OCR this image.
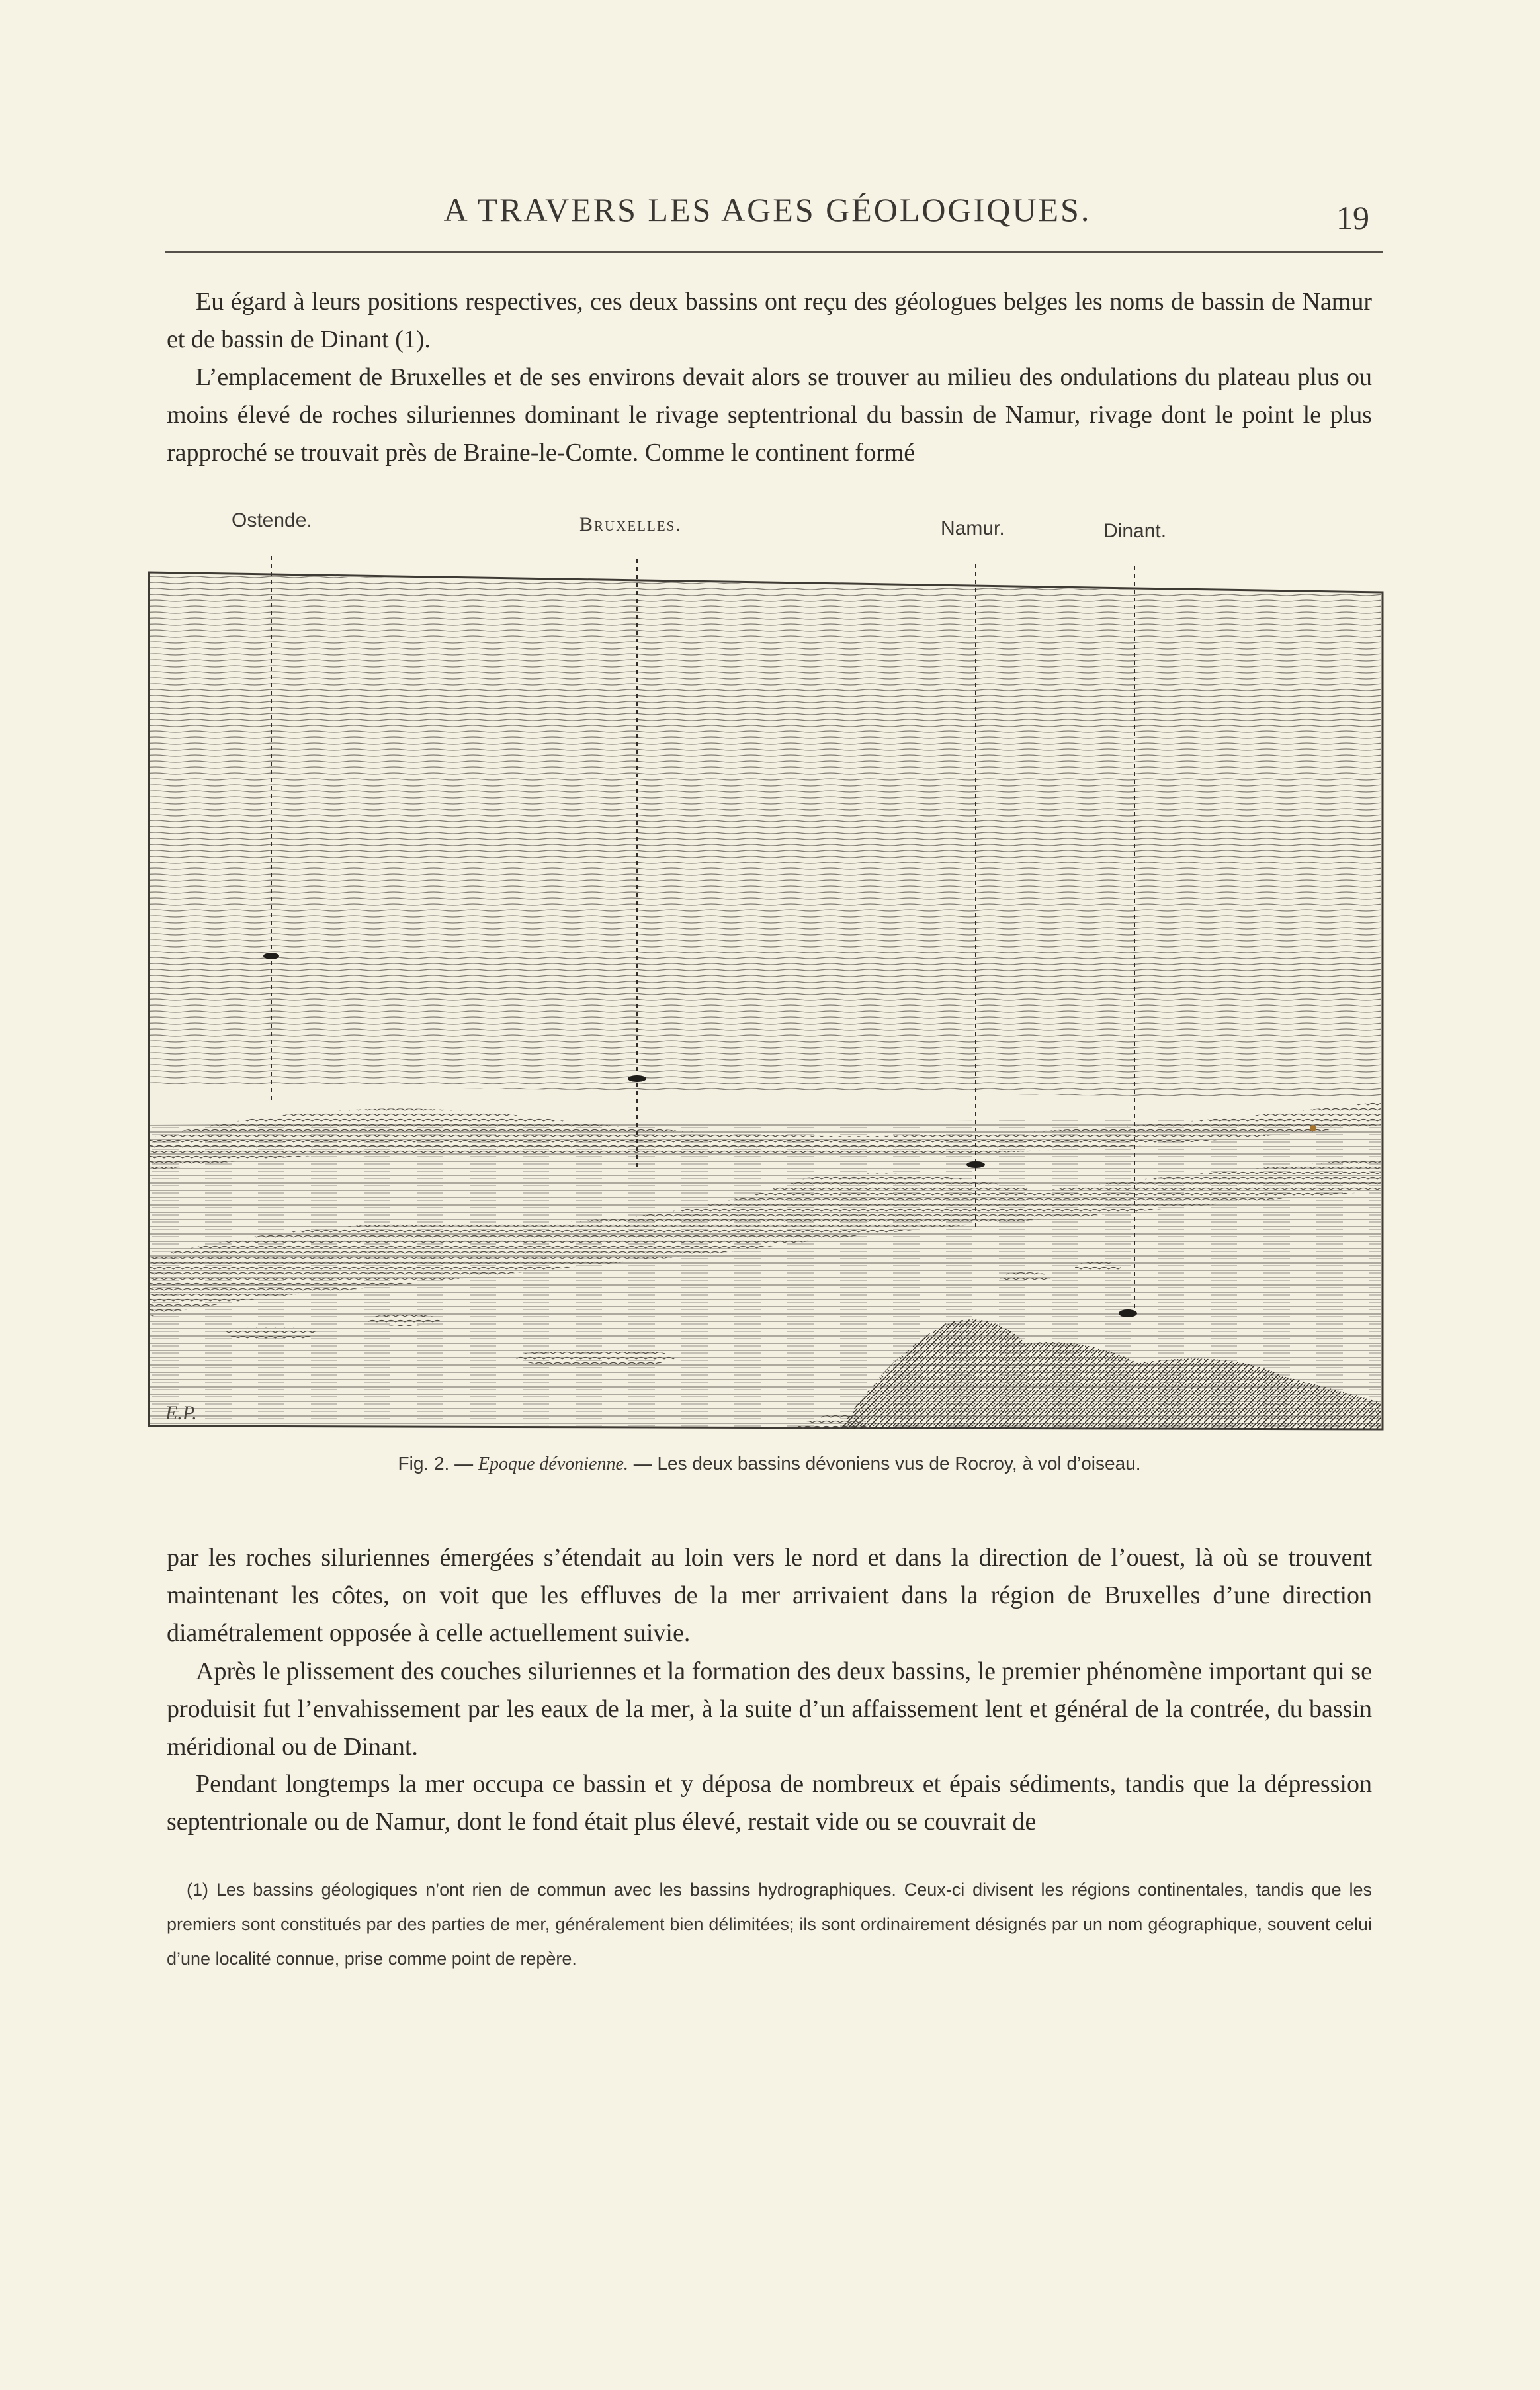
A TRAVERS LES AGES GÉOLOGIQUES.	19

Eu égard à leurs positions respectives, ces deux bassins ont reçu des géologues belges les noms de bassin de Namur et de bassin de Dinant (1).

L’emplacement de Bruxelles et de ses environs devait alors se trouver au milieu des ondulations du plateau plus ou moins élevé de roches siluriennes dominant le rivage septentrional du bassin de Namur, rivage dont le point le plus rapproché se trouvait près de Braine-le-Comte. Comme le continent formé

Ostende.	Bruxelles.	Namur.	Dinant.
E.P.
Fig. 2. — Epoque dévonienne. — Les deux bassins dévoniens vus de Rocroy, à vol d’oiseau.

par les roches siluriennes émergées s’étendait au loin vers le nord et dans la direction de l’ouest, là où se trouvent maintenant les côtes, on voit que les effluves de la mer arrivaient dans la région de Bruxelles d’une direction diamétralement opposée à celle actuellement suivie.

Après le plissement des couches siluriennes et la formation des deux bassins, le premier phénomène important qui se produisit fut l’envahissement par les eaux de la mer, à la suite d’un affaissement lent et général de la contrée, du bassin méridional ou de Dinant.

Pendant longtemps la mer occupa ce bassin et y déposa de nombreux et épais sédiments, tandis que la dépression septentrionale ou de Namur, dont le fond était plus élevé, restait vide ou se couvrait de

(1) Les bassins géologiques n’ont rien de commun avec les bassins hydrographiques. Ceux-ci divisent les régions continentales, tandis que les premiers sont constitués par des parties de mer, généralement bien délimitées; ils sont ordinairement désignés par un nom géographique, souvent celui d’une localité connue, prise comme point de repère.
